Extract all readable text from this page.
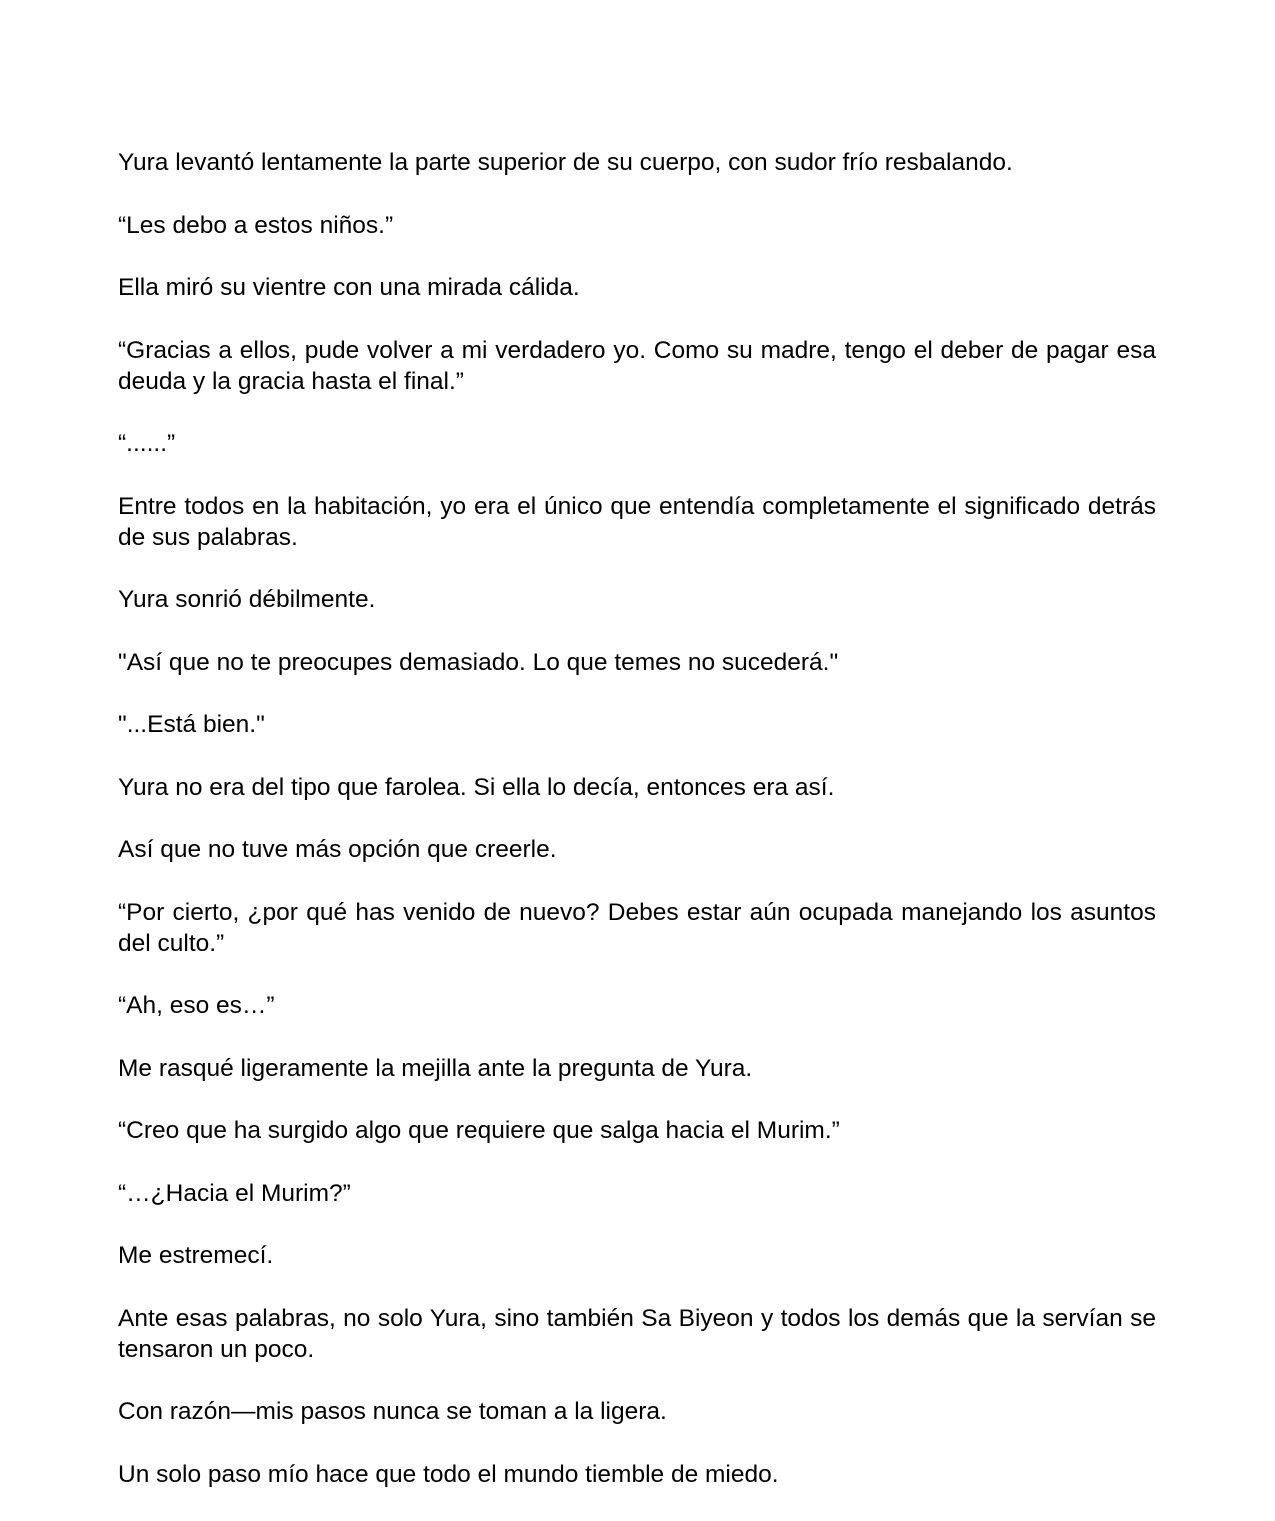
Yura levantó lentamente la parte superior de su cuerpo, con sudor frío resbalando.

“Les debo a estos niños.”

Ella miró su vientre con una mirada cálida.

“Gracias a ellos, pude volver a mi verdadero yo. Como su madre, tengo el deber de pagar esa deuda y la gracia hasta el final.”

“......”

Entre todos en la habitación, yo era el único que entendía completamente el significado detrás de sus palabras.

Yura sonrió débilmente.

"Así que no te preocupes demasiado. Lo que temes no sucederá."

"...Está bien."

Yura no era del tipo que farolea. Si ella lo decía, entonces era así.

Así que no tuve más opción que creerle.

“Por cierto, ¿por qué has venido de nuevo? Debes estar aún ocupada manejando los asuntos del culto.”

“Ah, eso es…”

Me rasqué ligeramente la mejilla ante la pregunta de Yura.

“Creo que ha surgido algo que requiere que salga hacia el Murim.”

“…¿Hacia el Murim?”

Me estremecí.

Ante esas palabras, no solo Yura, sino también Sa Biyeon y todos los demás que la servían se tensaron un poco.

Con razón—mis pasos nunca se toman a la ligera.

Un solo paso mío hace que todo el mundo tiemble de miedo.
